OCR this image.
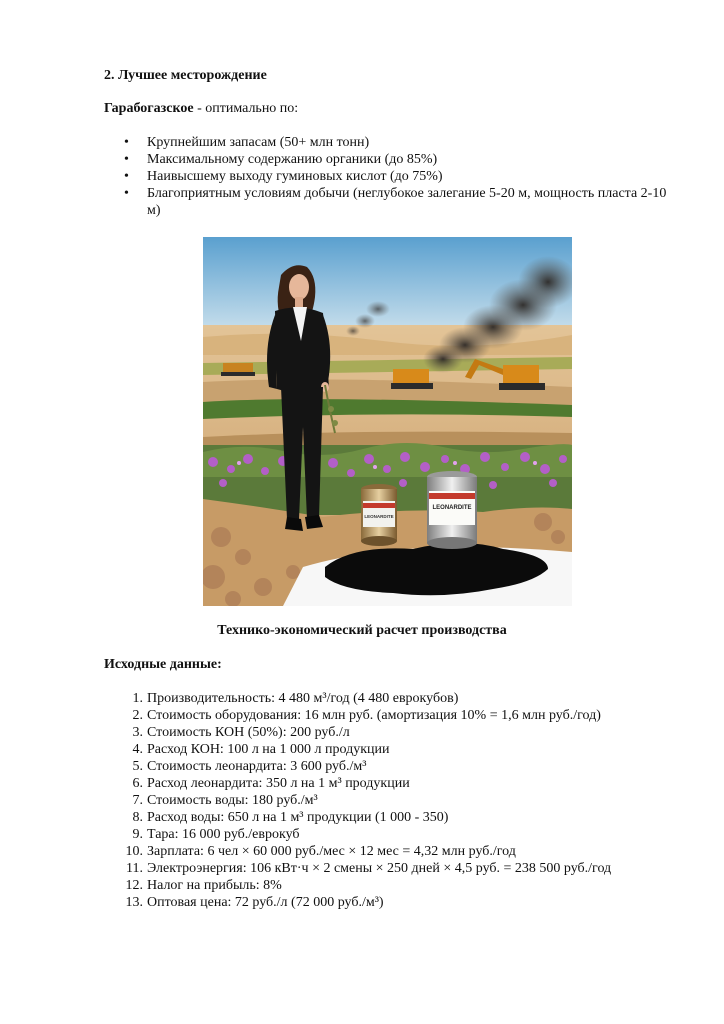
2. Лучшее месторождение
Гарабогазское - оптимально по:
• Крупнейшим запасам (50+ млн тонн)
• Максимальному содержанию органики (до 85%)
• Наивысшему выходу гуминовых кислот (до 75%)
• Благоприятным условиям добычи (неглубокое залегание 5-20 м, мощность пласта 2-10 м)
LEONARDITE
LEONARDITE
Технико-экономический расчет производства
Исходные данные:
1. Производительность: 4 480 м³/год (4 480 еврокубов)
2. Стоимость оборудования: 16 млн руб. (амортизация 10% = 1,6 млн руб./год)
3. Стоимость КОН (50%): 200 руб./л
4. Расход КОН: 100 л на 1 000 л продукции
5. Стоимость леонардита: 3 600 руб./м³
6. Расход леонардита: 350 л на 1 м³ продукции
7. Стоимость воды: 180 руб./м³
8. Расход воды: 650 л на 1 м³ продукции (1 000 - 350)
9. Тара: 16 000 руб./еврокуб
10. Зарплата: 6 чел × 60 000 руб./мес × 12 мес = 4,32 млн руб./год
11. Электроэнергия: 106 кВт·ч × 2 смены × 250 дней × 4,5 руб. = 238 500 руб./год
12. Налог на прибыль: 8%
13. Оптовая цена: 72 руб./л (72 000 руб./м³)
